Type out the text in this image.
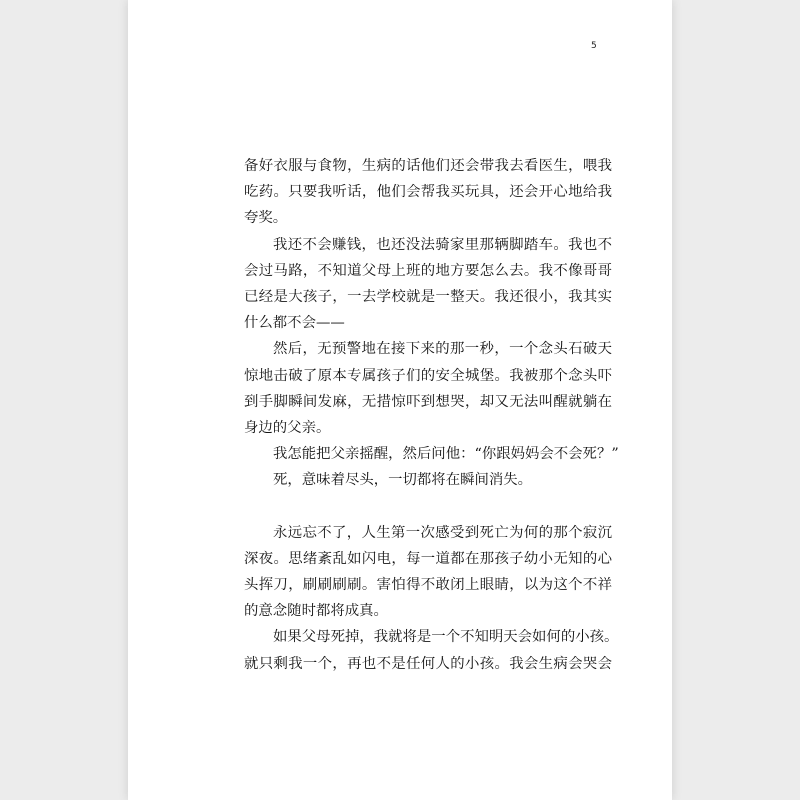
5
备好衣服与食物，生病的话他们还会带我去看医生，喂我
吃药。只要我听话，他们会帮我买玩具，还会开心地给我
夸奖。
我还不会赚钱，也还没法骑家里那辆脚踏车。我也不
会过马路，不知道父母上班的地方要怎么去。我不像哥哥
已经是大孩子，一去学校就是一整天。我还很小，我其实
什么都不会——
然后，无预警地在接下来的那一秒，一个念头石破天
惊地击破了原本专属孩子们的安全城堡。我被那个念头吓
到手脚瞬间发麻，无措惊吓到想哭，却又无法叫醒就躺在
身边的父亲。
我怎能把父亲摇醒，然后问他：“你跟妈妈会不会死？”
死，意味着尽头，一切都将在瞬间消失。
永远忘不了，人生第一次感受到死亡为何的那个寂沉
深夜。思绪紊乱如闪电，每一道都在那孩子幼小无知的心
头挥刀，刷刷刷刷。害怕得不敢闭上眼睛，以为这个不祥
的意念随时都将成真。
如果父母死掉，我就将是一个不知明天会如何的小孩。
就只剩我一个，再也不是任何人的小孩。我会生病会哭会
